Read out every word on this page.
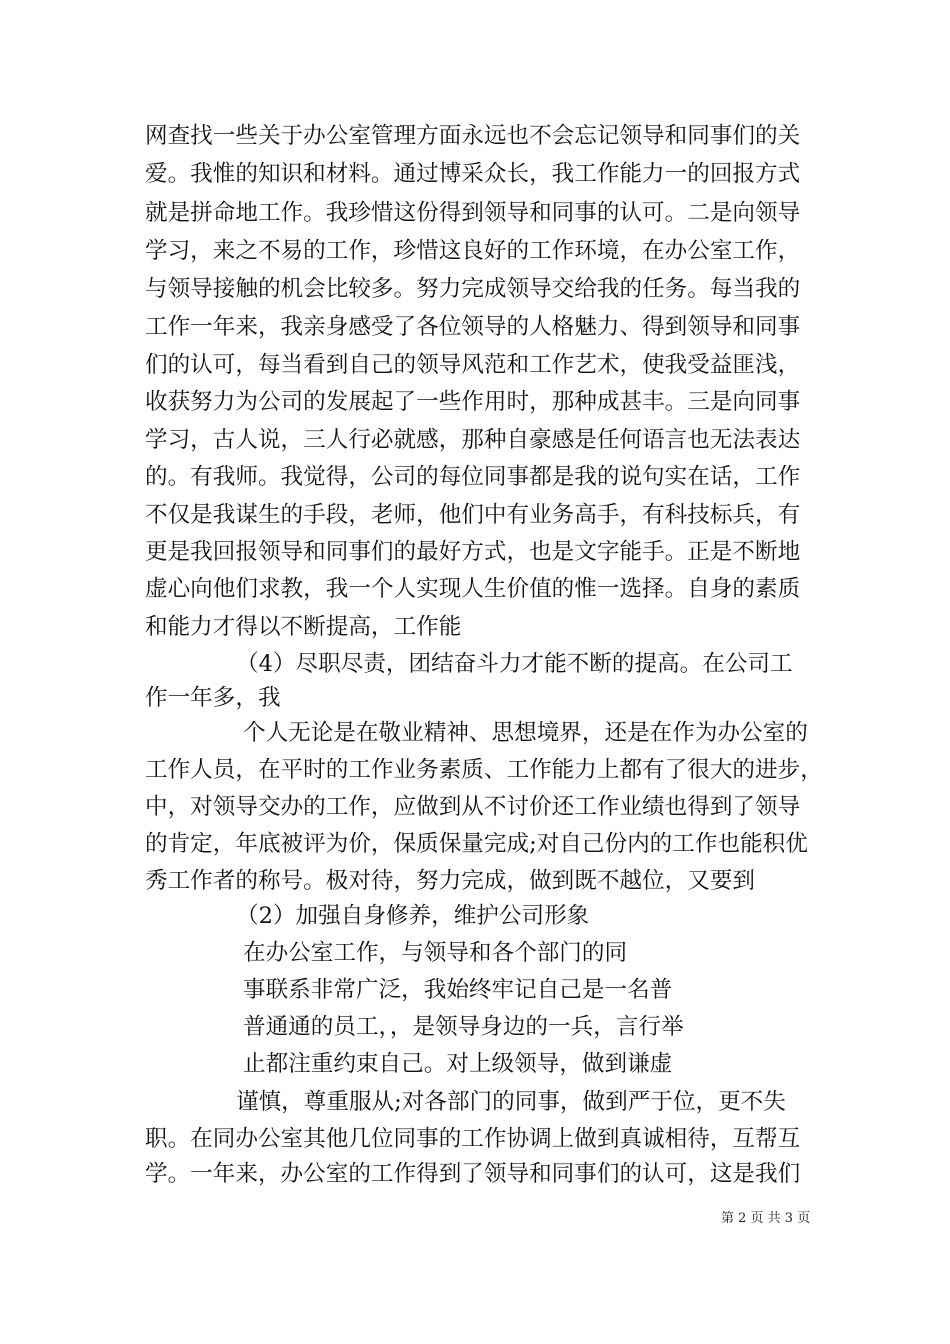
网查找一些关于办公室管理方面永远也不会忘记领导和同事们的关
爱。我惟的知识和材料。通过博采众长，我工作能力一的回报方式
就是拼命地工作。我珍惜这份得到领导和同事的认可。二是向领导
学习，来之不易的工作，珍惜这良好的工作环境，在办公室工作，
与领导接触的机会比较多。努力完成领导交给我的任务。每当我的
工作一年来，我亲身感受了各位领导的人格魅力、得到领导和同事
们的认可，每当看到自己的领导风范和工作艺术，使我受益匪浅，
收获努力为公司的发展起了一些作用时，那种成甚丰。三是向同事
学习，古人说，三人行必就感，那种自豪感是任何语言也无法表达
的。有我师。我觉得，公司的每位同事都是我的说句实在话，工作
不仅是我谋生的手段，老师，他们中有业务高手，有科技标兵，有
更是我回报领导和同事们的最好方式，也是文字能手。正是不断地
虚心向他们求教，我一个人实现人生价值的惟一选择。自身的素质
和能力才得以不断提高，工作能
（4）尽职尽责，团结奋斗力才能不断的提高。在公司工
作一年多，我
个人无论是在敬业精神、思想境界，还是在作为办公室的
工作人员，在平时的工作业务素质、工作能力上都有了很大的进步，
中，对领导交办的工作，应做到从不讨价还工作业绩也得到了领导
的肯定，年底被评为价，保质保量完成;对自己份内的工作也能积优
秀工作者的称号。极对待，努力完成，做到既不越位，又要到
（2）加强自身修养，维护公司形象
在办公室工作，与领导和各个部门的同
事联系非常广泛，我始终牢记自己是一名普
普通通的员工，，是领导身边的一兵，言行举
止都注重约束自己。对上级领导，做到谦虚
谨慎，尊重服从;对各部门的同事，做到严于位，更不失
职。在同办公室其他几位同事的工作协调上做到真诚相待，互帮互
学。一年来，办公室的工作得到了领导和同事们的认可，这是我们
第 2 页 共 3 页
